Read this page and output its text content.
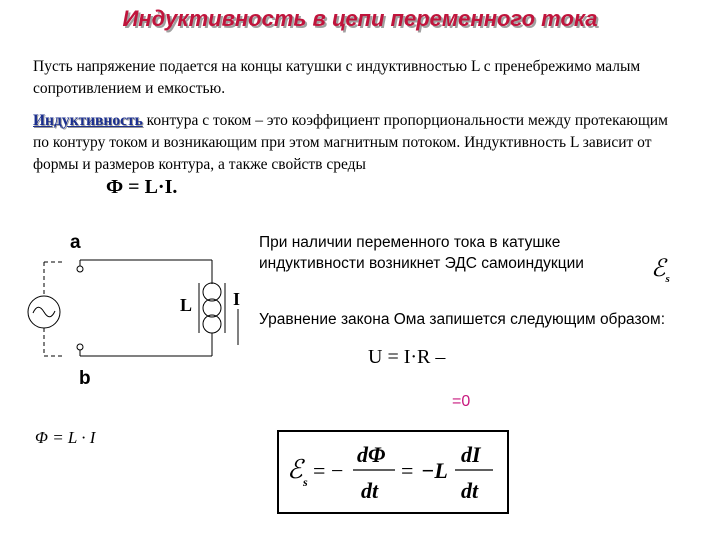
Индуктивность в цепи переменного тока
Пусть напряжение подается на концы катушки с индуктивностью L с пренебрежимо малым сопротивлением и емкостью.
Индуктивность контура с током – это коэффициент пропорциональности между протекающим по контуру током и возникающим при этом магнитным потоком. Индуктивность L зависит от формы и размеров контура, а также свойств среды
Ф = L·I.
a
b
L I
При наличии переменного тока в катушке индуктивности возникнет ЭДС самоиндукции	ℰ$_s$
Уравнение закона Ома запишется следующим образом:
U = I·R –
=0
Φ = L · I
ℰ s = −
dΦ
dt
= −L
dI
dt
